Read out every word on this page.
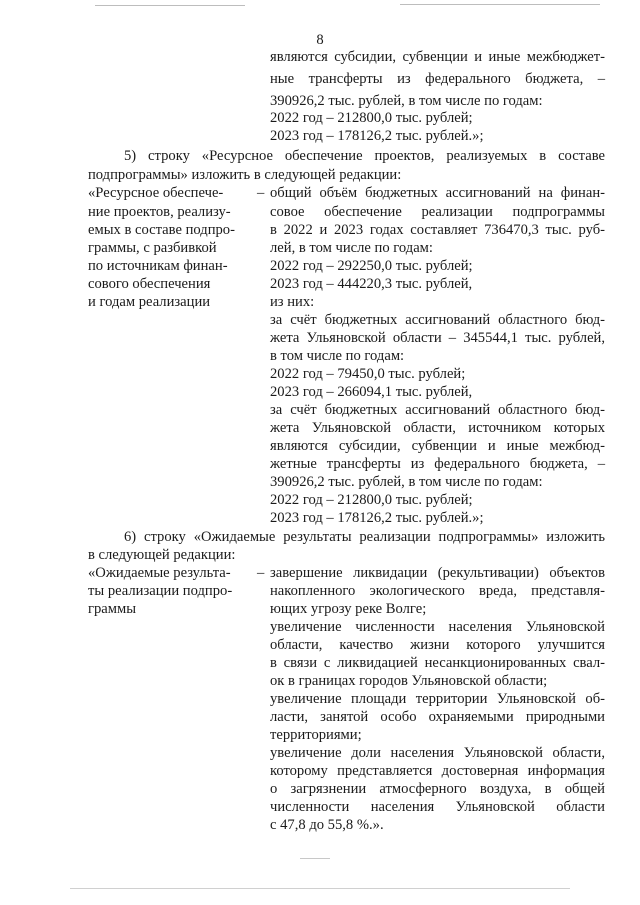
8
являются субсидии, субвенции и иные межбюджет-
ные трансферты из федерального бюджета, –
390926,2 тыс. рублей, в том числе по годам:
2022 год – 212800,0 тыс. рублей;
2023 год – 178126,2 тыс. рублей.»;
5) строку «Ресурсное обеспечение проектов, реализуемых в составе
подпрограммы» изложить в следующей редакции:
«Ресурсное обеспече-
ние проектов, реализу-
емых в составе подпро-
граммы, с разбивкой
по источникам финан-
сового обеспечения
и годам реализации
– общий объём бюджетных ассигнований на финан-
совое обеспечение реализации подпрограммы
в 2022 и 2023 годах составляет 736470,3 тыс. руб-
лей, в том числе по годам:
2022 год – 292250,0 тыс. рублей;
2023 год – 444220,3 тыс. рублей,
из них:
за счёт бюджетных ассигнований областного бюд-
жета Ульяновской области – 345544,1 тыс. рублей,
в том числе по годам:
2022 год – 79450,0 тыс. рублей;
2023 год – 266094,1 тыс. рублей,
за счёт бюджетных ассигнований областного бюд-
жета Ульяновской области, источником которых
являются субсидии, субвенции и иные межбюд-
жетные трансферты из федерального бюджета, –
390926,2 тыс. рублей, в том числе по годам:
2022 год – 212800,0 тыс. рублей;
2023 год – 178126,2 тыс. рублей.»;
6) строку «Ожидаемые результаты реализации подпрограммы» изложить
в следующей редакции:
«Ожидаемые результа-
ты реализации подпро-
граммы
– завершение ликвидации (рекультивации) объектов
накопленного экологического вреда, представля-
ющих угрозу реке Волге;
увеличение численности населения Ульяновской
области, качество жизни которого улучшится
в связи с ликвидацией несанкционированных свал-
ок в границах городов Ульяновской области;
увеличение площади территории Ульяновской об-
ласти, занятой особо охраняемыми природными
территориями;
увеличение доли населения Ульяновской области,
которому представляется достоверная информация
о загрязнении атмосферного воздуха, в общей
численности населения Ульяновской области
с 47,8 до 55,8 %.».
